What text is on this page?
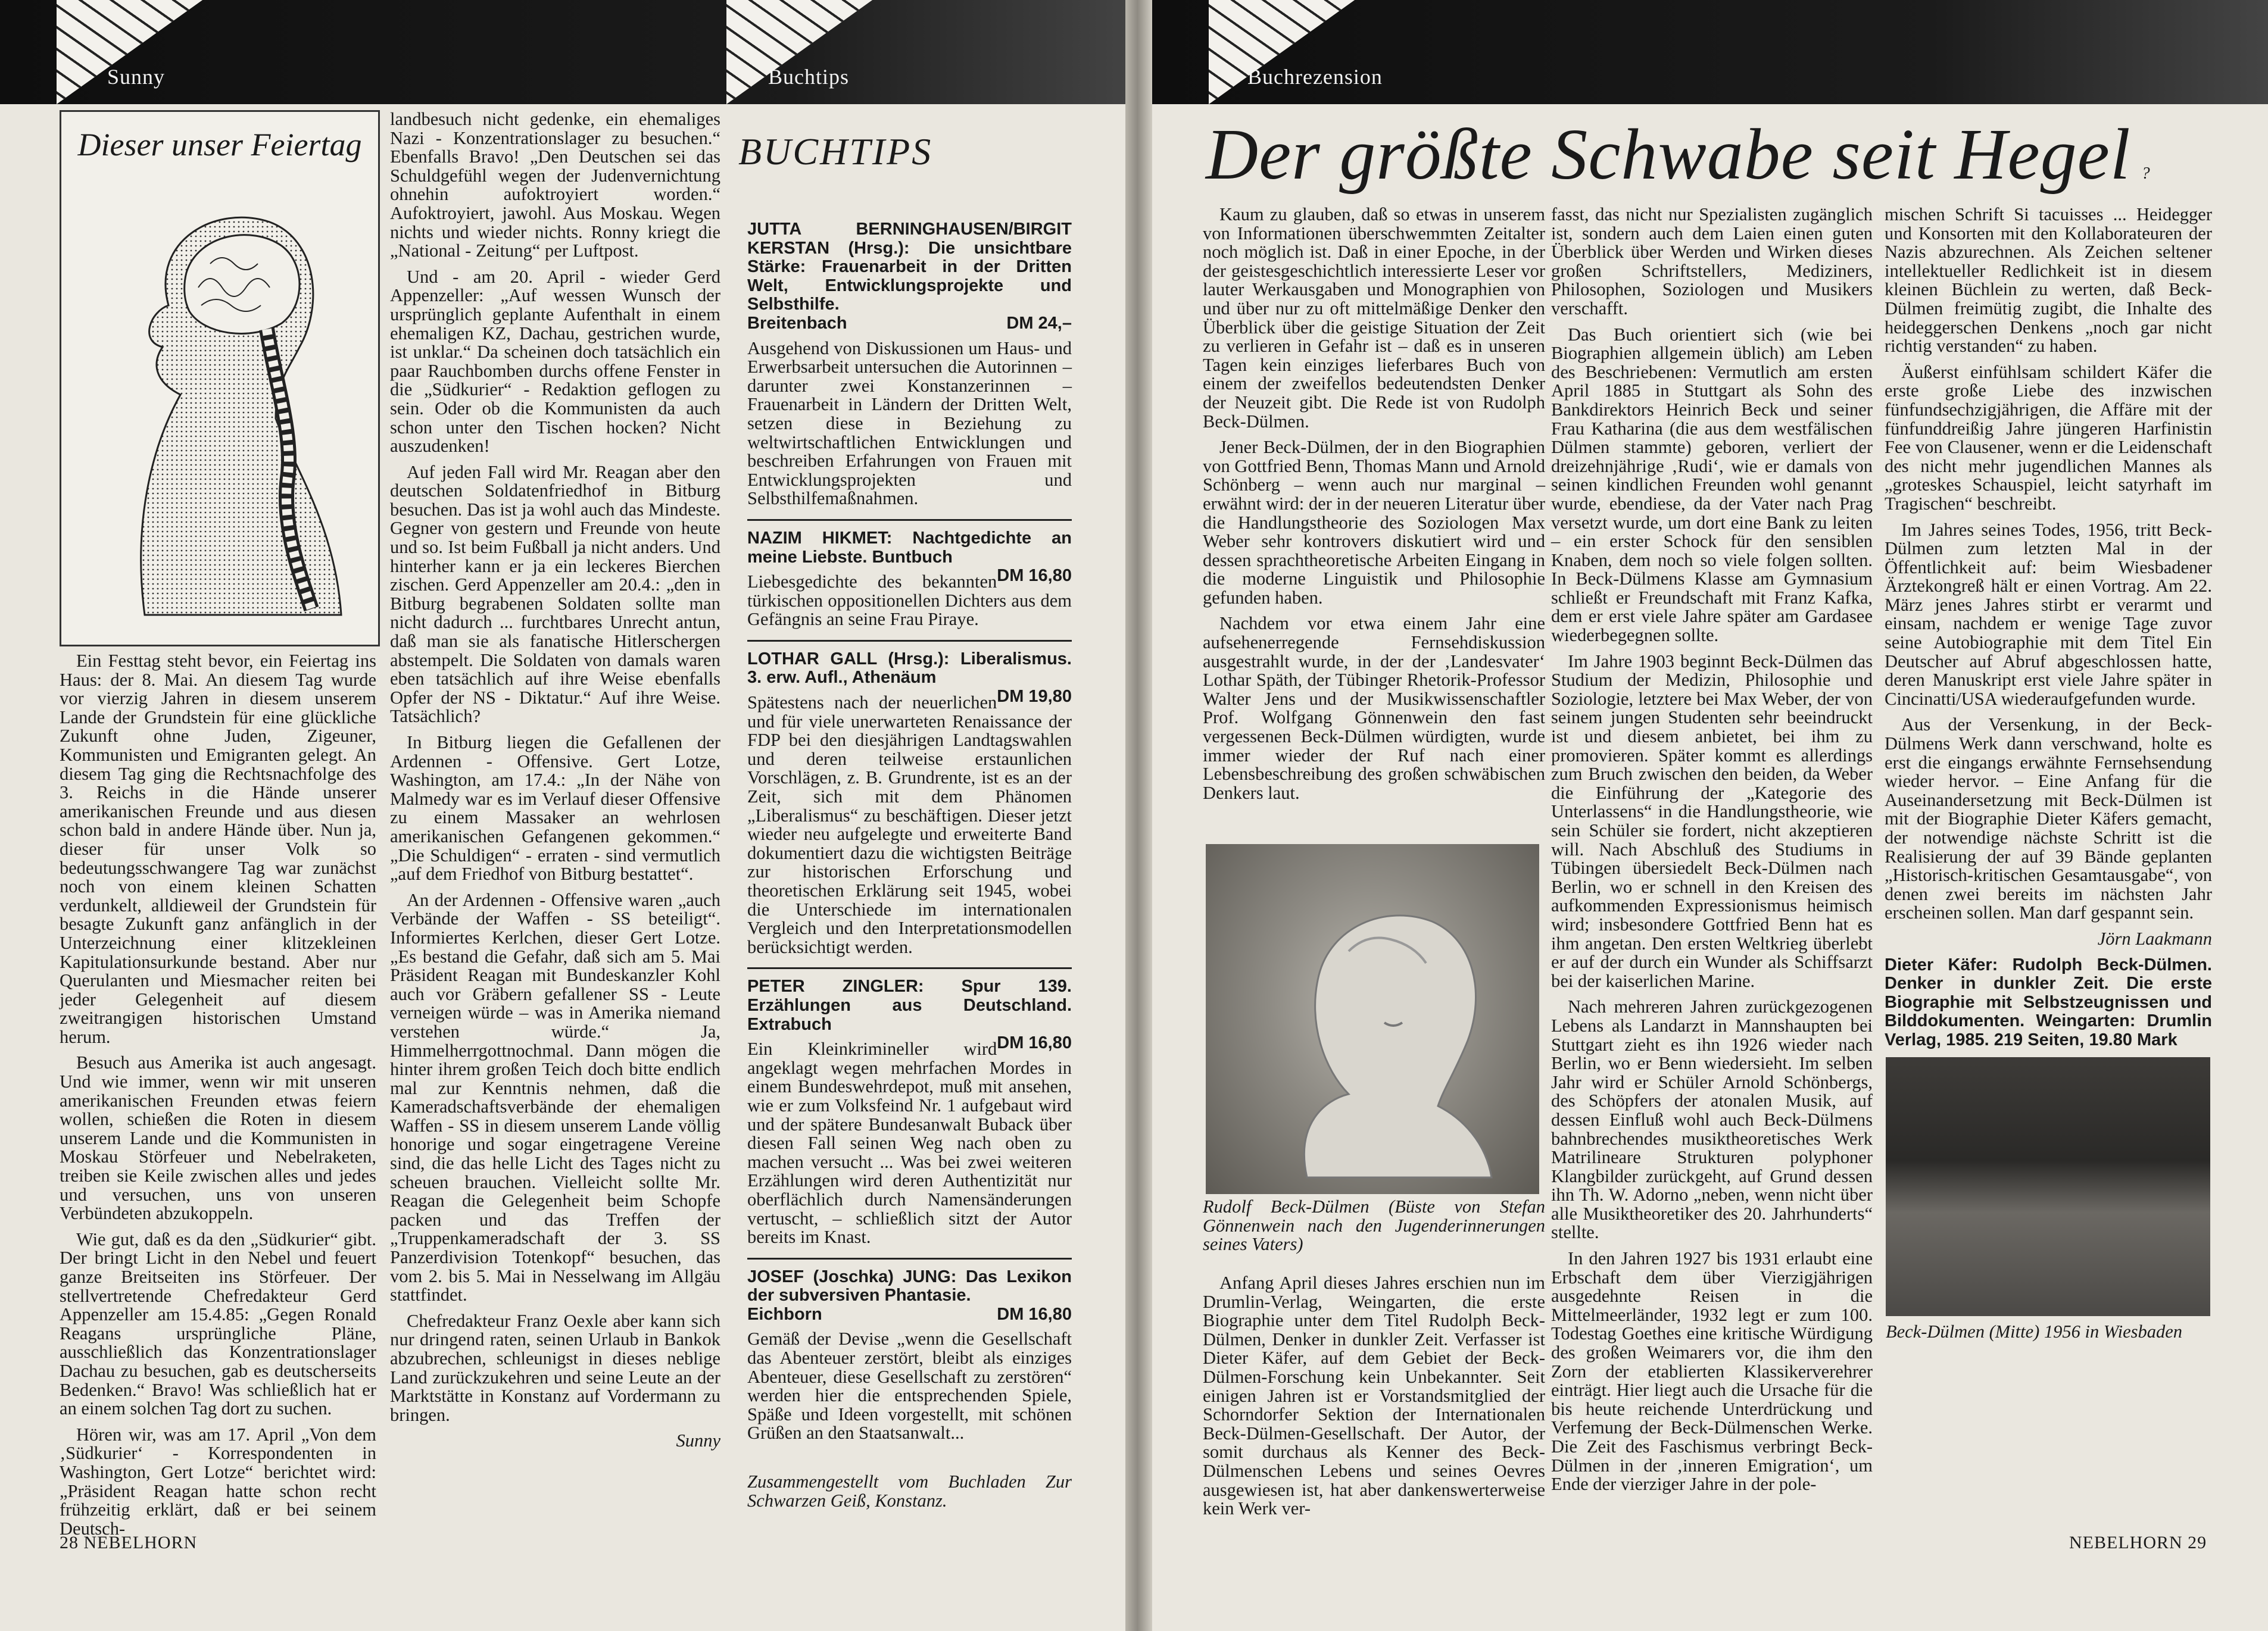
Sunny	Buchtips
Dieser unser Feiertag

Ein Festtag steht bevor, ein Feiertag ins Haus: der 8. Mai. An diesem Tag wurde vor vierzig Jahren in diesem unserem Lande der Grundstein für eine glückliche Zukunft ohne Juden, Zigeuner, Kommunisten und Emigranten gelegt. An diesem Tag ging die Rechtsnachfolge des 3. Reichs in die Hände unserer amerikanischen Freunde und aus diesen schon bald in andere Hände über. Nun ja, dieser für unser Volk so bedeutungsschwangere Tag war zunächst noch von einem kleinen Schatten verdunkelt, alldieweil der Grundstein für besagte Zukunft ganz anfänglich in der Unterzeichnung einer klitzekleinen Kapitulationsurkunde bestand. Aber nur Querulanten und Miesmacher reiten bei jeder Gelegenheit auf diesem zweitrangigen historischen Umstand herum.

Besuch aus Amerika ist auch angesagt. Und wie immer, wenn wir mit unseren amerikanischen Freunden etwas feiern wollen, schießen die Roten in diesem unserem Lande und die Kommunisten in Moskau Störfeuer und Nebelraketen, treiben sie Keile zwischen alles und jedes und versuchen, uns von unseren Verbündeten abzukoppeln.

Wie gut, daß es da den „Südkurier“ gibt. Der bringt Licht in den Nebel und feuert ganze Breitseiten ins Störfeuer. Der stellvertretende Chefredakteur Gerd Appenzeller am 15.4.85: „Gegen Ronald Reagans ursprüngliche Pläne, ausschließlich das Konzentrationslager Dachau zu besuchen, gab es deutscherseits Bedenken.“ Bravo! Was schließlich hat er an einem solchen Tag dort zu suchen.

Hören wir, was am 17. April „Von dem ‚Südkurier‘ - Korrespondenten in Washington, Gert Lotze“ berichtet wird: „Präsident Reagan hatte schon recht frühzeitig erklärt, daß er bei seinem Deutsch-

landbesuch nicht gedenke, ein ehemaliges Nazi - Konzentrationslager zu besuchen.“ Ebenfalls Bravo! „Den Deutschen sei das Schuldgefühl wegen der Judenvernichtung ohnehin aufoktroyiert worden.“ Aufoktroyiert, jawohl. Aus Moskau. Wegen nichts und wieder nichts. Ronny kriegt die „National - Zeitung“ per Luftpost.

Und - am 20. April - wieder Gerd Appenzeller: „Auf wessen Wunsch der ursprünglich geplante Aufenthalt in einem ehemaligen KZ, Dachau, gestrichen wurde, ist unklar.“ Da scheinen doch tatsächlich ein paar Rauchbomben durchs offene Fenster in die „Südkurier“ - Redaktion geflogen zu sein. Oder ob die Kommunisten da auch schon unter den Tischen hocken? Nicht auszudenken!

Auf jeden Fall wird Mr. Reagan aber den deutschen Soldatenfriedhof in Bitburg besuchen. Das ist ja wohl auch das Mindeste. Gegner von gestern und Freunde von heute und so. Ist beim Fußball ja nicht anders. Und hinterher kann er ja ein leckeres Bierchen zischen. Gerd Appenzeller am 20.4.: „den in Bitburg begrabenen Soldaten sollte man nicht dadurch ... furchtbares Unrecht antun, daß man sie als fanatische Hitlerschergen abstempelt. Die Soldaten von damals waren eben tatsächlich auf ihre Weise ebenfalls Opfer der NS - Diktatur.“ Auf ihre Weise. Tatsächlich?

In Bitburg liegen die Gefallenen der Ardennen - Offensive. Gert Lotze, Washington, am 17.4.: „In der Nähe von Malmedy war es im Verlauf dieser Offensive zu einem Massaker an wehrlosen amerikanischen Gefangenen gekommen.“ „Die Schuldigen“ - erraten - sind vermutlich „auf dem Friedhof von Bitburg bestattet“.

An der Ardennen - Offensive waren „auch Verbände der Waffen - SS beteiligt“. Informiertes Kerlchen, dieser Gert Lotze. „Es bestand die Gefahr, daß sich am 5. Mai Präsident Reagan mit Bundeskanzler Kohl auch vor Gräbern gefallener SS - Leute verneigen würde – was in Amerika niemand verstehen würde.“ Ja, Himmelherrgottnochmal. Dann mögen die hinter ihrem großen Teich doch bitte endlich mal zur Kenntnis nehmen, daß die Kameradschaftsverbände der ehemaligen Waffen - SS in diesem unserem Lande völlig honorige und sogar eingetragene Vereine sind, die das helle Licht des Tages nicht zu scheuen brauchen. Vielleicht sollte Mr. Reagan die Gelegenheit beim Schopfe packen und das Treffen der „Truppenkameradschaft der 3. SS Panzerdivision Totenkopf“ besuchen, das vom 2. bis 5. Mai in Nesselwang im Allgäu stattfindet.

Chefredakteur Franz Oexle aber kann sich nur dringend raten, seinen Urlaub in Bankok abzubrechen, schleunigst in dieses neblige Land zurückzukehren und seine Leute an der Marktstätte in Konstanz auf Vordermann zu bringen.

Sunny

BUCHTIPS
JUTTA BERNINGHAUSEN/BIRGIT KERSTAN (Hrsg.): Die unsichtbare Stärke: Frauenarbeit in der Dritten Welt, Entwicklungsprojekte und Selbsthilfe.
Breitenbach	DM 24,–

Ausgehend von Diskussionen um Haus- und Erwerbsarbeit untersuchen die Autorinnen – darunter zwei Konstanzerinnen – Frauenarbeit in Ländern der Dritten Welt, setzen diese in Beziehung zu weltwirtschaftlichen Entwicklungen und beschreiben Erfahrungen von Frauen mit Entwicklungsprojekten und Selbsthilfemaßnahmen.

NAZIM HIKMET: Nachtgedichte an meine Liebste. Buntbuch
DM 16,80

Liebesgedichte des bekannten türkischen oppositionellen Dichters aus dem Gefängnis an seine Frau Piraye.

LOTHAR GALL (Hrsg.): Liberalismus. 3. erw. Aufl., Athenäum
DM 19,80

Spätestens nach der neuerlichen und für viele unerwarteten Renaissance der FDP bei den diesjährigen Landtagswahlen und deren teilweise erstaunlichen Vorschlägen, z. B. Grundrente, ist es an der Zeit, sich mit dem Phänomen „Liberalismus“ zu beschäftigen. Dieser jetzt wieder neu aufgelegte und erweiterte Band dokumentiert dazu die wichtigsten Beiträge zur historischen Erforschung und theoretischen Erklärung seit 1945, wobei die Unterschiede im internationalen Vergleich und den Interpretationsmodellen berücksichtigt werden.

PETER ZINGLER: Spur 139. Erzählungen aus Deutschland. Extrabuch
DM 16,80

Ein Kleinkrimineller wird angeklagt wegen mehrfachen Mordes in einem Bundeswehrdepot, muß mit ansehen, wie er zum Volksfeind Nr. 1 aufgebaut wird und der spätere Bundesanwalt Buback über diesen Fall seinen Weg nach oben zu machen versucht ... Was bei zwei weiteren Erzählungen wird deren Authentizität nur oberflächlich durch Namensänderungen vertuscht, – schließlich sitzt der Autor bereits im Knast.

JOSEF (Joschka) JUNG: Das Lexikon der subversiven Phantasie.
Eichborn	DM 16,80

Gemäß der Devise „wenn die Gesellschaft das Abenteuer zerstört, bleibt als einziges Abenteuer, diese Gesellschaft zu zerstören“ werden hier die entsprechenden Spiele, Späße und Ideen vorgestellt, mit schönen Grüßen an den Staatsanwalt...

Zusammengestellt vom Buchladen Zur Schwarzen Geiß, Konstanz.

28 NEBELHORN
Buchrezension
Der größte Schwabe seit Hegel ?

Kaum zu glauben, daß so etwas in unserem von Informationen überschwemmten Zeitalter noch möglich ist. Daß in einer Epoche, in der der geistesgeschichtlich interessierte Leser vor lauter Werkausgaben und Monographien von und über nur zu oft mittelmäßige Denker den Überblick über die geistige Situation der Zeit zu verlieren in Gefahr ist – daß es in unseren Tagen kein einziges lieferbares Buch von einem der zweifellos bedeutendsten Denker der Neuzeit gibt. Die Rede ist von Rudolph Beck-Dülmen.

Jener Beck-Dülmen, der in den Biographien von Gottfried Benn, Thomas Mann und Arnold Schönberg – wenn auch nur marginal – erwähnt wird: der in der neueren Literatur über die Handlungstheorie des Soziologen Max Weber sehr kontrovers diskutiert wird und dessen sprachtheoretische Arbeiten Eingang in die moderne Linguistik und Philosophie gefunden haben.

Nachdem vor etwa einem Jahr eine aufsehenerregende Fernsehdiskussion ausgestrahlt wurde, in der der ‚Landesvater‘ Lothar Späth, der Tübinger Rhetorik-Professor Walter Jens und der Musikwissenschaftler Prof. Wolfgang Gönnenwein den fast vergessenen Beck-Dülmen würdigten, wurde immer wieder der Ruf nach einer Lebensbeschreibung des großen schwäbischen Denkers laut.

Rudolf Beck-Dülmen (Büste von Stefan Gönnenwein nach den Jugenderinnerungen seines Vaters)

Anfang April dieses Jahres erschien nun im Drumlin-Verlag, Weingarten, die erste Biographie unter dem Titel Rudolph Beck-Dülmen, Denker in dunkler Zeit. Verfasser ist Dieter Käfer, auf dem Gebiet der Beck-Dülmen-Forschung kein Unbekannter. Seit einigen Jahren ist er Vorstandsmitglied der Schorndorfer Sektion der Internationalen Beck-Dülmen-Gesellschaft. Der Autor, der somit durchaus als Kenner des Beck-Dülmenschen Lebens und seines Oevres ausgewiesen ist, hat aber dankenswerterweise kein Werk ver-

fasst, das nicht nur Spezialisten zugänglich ist, sondern auch dem Laien einen guten Überblick über Werden und Wirken dieses großen Schriftstellers, Mediziners, Philosophen, Soziologen und Musikers verschafft.

Das Buch orientiert sich (wie bei Biographien allgemein üblich) am Leben des Beschriebenen: Vermutlich am ersten April 1885 in Stuttgart als Sohn des Bankdirektors Heinrich Beck und seiner Frau Katharina (die aus dem westfälischen Dülmen stammte) geboren, verliert der dreizehnjährige ‚Rudi‘, wie er damals von seinen kindlichen Freunden wohl genannt wurde, ebendiese, da der Vater nach Prag versetzt wurde, um dort eine Bank zu leiten – ein erster Schock für den sensiblen Knaben, dem noch so viele folgen sollten. In Beck-Dülmens Klasse am Gymnasium schließt er Freundschaft mit Franz Kafka, dem er erst viele Jahre später am Gardasee wiederbegegnen sollte.

Im Jahre 1903 beginnt Beck-Dülmen das Studium der Medizin, Philosophie und Soziologie, letztere bei Max Weber, der von seinem jungen Studenten sehr beeindruckt ist und diesem anbietet, bei ihm zu promovieren. Später kommt es allerdings zum Bruch zwischen den beiden, da Weber die Einführung der „Kategorie des Unterlassens“ in die Handlungstheorie, wie sein Schüler sie fordert, nicht akzeptieren will. Nach Abschluß des Studiums in Tübingen übersiedelt Beck-Dülmen nach Berlin, wo er schnell in den Kreisen des aufkommenden Expressionismus heimisch wird; insbesondere Gottfried Benn hat es ihm angetan. Den ersten Weltkrieg überlebt er auf der durch ein Wunder als Schiffsarzt bei der kaiserlichen Marine.

Nach mehreren Jahren zurückgezogenen Lebens als Landarzt in Mannshaupten bei Stuttgart zieht es ihn 1926 wieder nach Berlin, wo er Benn wiedersieht. Im selben Jahr wird er Schüler Arnold Schönbergs, des Schöpfers der atonalen Musik, auf dessen Einfluß wohl auch Beck-Dülmens bahnbrechendes musiktheoretisches Werk Matrilineare Strukturen polyphoner Klangbilder zurückgeht, auf Grund dessen ihn Th. W. Adorno „neben, wenn nicht über alle Musiktheoretiker des 20. Jahrhunderts“ stellte.

In den Jahren 1927 bis 1931 erlaubt eine Erbschaft dem über Vierzigjährigen ausgedehnte Reisen in die Mittelmeerländer, 1932 legt er zum 100. Todestag Goethes eine kritische Würdigung des großen Weimarers vor, die ihm den Zorn der etablierten Klassikerverehrer einträgt. Hier liegt auch die Ursache für die bis heute reichende Unterdrückung und Verfemung der Beck-Dülmenschen Werke. Die Zeit des Faschismus verbringt Beck-Dülmen in der ‚inneren Emigration‘, um Ende der vierziger Jahre in der pole-

mischen Schrift Si tacuisses ... Heidegger und Konsorten mit den Kollaborateuren der Nazis abzurechnen. Als Zeichen seltener intellektueller Redlichkeit ist in diesem kleinen Büchlein zu werten, daß Beck-Dülmen freimütig zugibt, die Inhalte des heideggerschen Denkens „noch gar nicht richtig verstanden“ zu haben.

Äußerst einfühlsam schildert Käfer die erste große Liebe des inzwischen fünfundsechzigjährigen, die Affäre mit der fünfunddreißig Jahre jüngeren Harfinistin Fee von Clausener, wenn er die Leidenschaft des nicht mehr jugendlichen Mannes als „groteskes Schauspiel, leicht satyrhaft im Tragischen“ beschreibt.

Im Jahres seines Todes, 1956, tritt Beck-Dülmen zum letzten Mal in der Öffentlichkeit auf: beim Wiesbadener Ärztekongreß hält er einen Vortrag. Am 22. März jenes Jahres stirbt er verarmt und einsam, nachdem er wenige Tage zuvor seine Autobiographie mit dem Titel Ein Deutscher auf Abruf abgeschlossen hatte, deren Manuskript erst viele Jahre später in Cincinatti/USA wiederaufgefunden wurde.

Aus der Versenkung, in der Beck-Dülmens Werk dann verschwand, holte es erst die eingangs erwähnte Fernsehsendung wieder hervor. – Eine Anfang für die Auseinandersetzung mit Beck-Dülmen ist mit der Biographie Dieter Käfers gemacht, der notwendige nächste Schritt ist die Realisierung der auf 39 Bände geplanten „Historisch-kritischen Gesamtausgabe“, von denen zwei bereits im nächsten Jahr erscheinen sollen. Man darf gespannt sein.

Jörn Laakmann

Dieter Käfer: Rudolph Beck-Dülmen. Denker in dunkler Zeit. Die erste Biographie mit Selbstzeugnissen und Bilddokumenten. Weingarten: Drumlin Verlag, 1985. 219 Seiten, 19.80 Mark

Beck-Dülmen (Mitte) 1956 in Wiesbaden
NEBELHORN 29
